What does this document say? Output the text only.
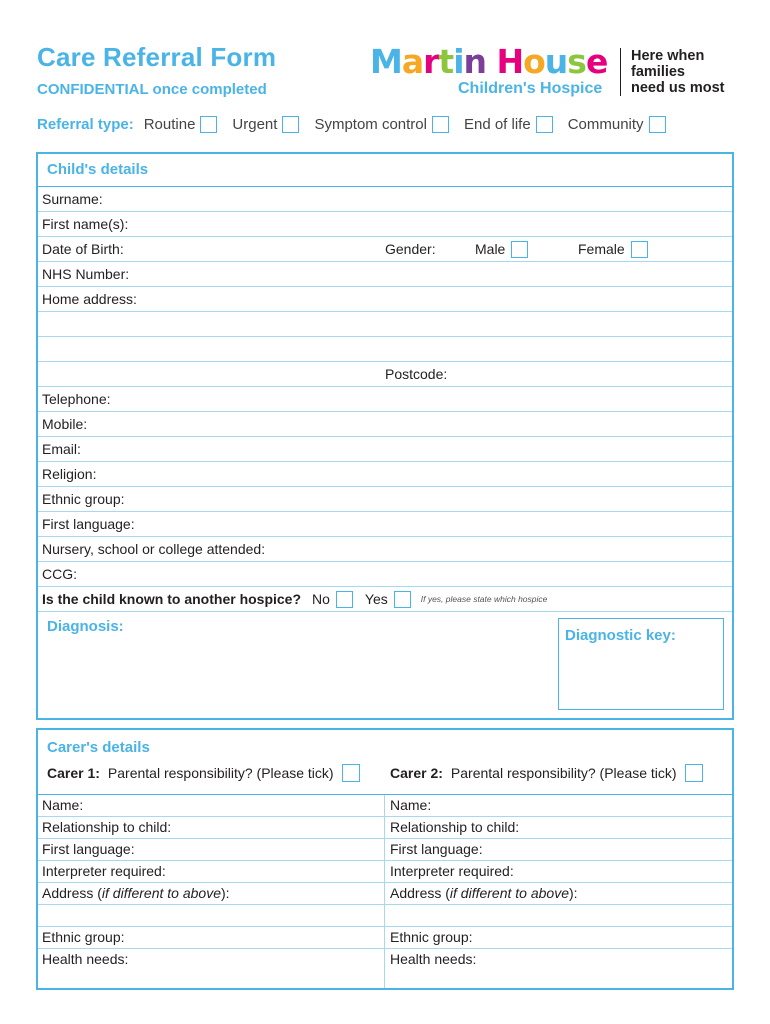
Care Referral Form
CONFIDENTIAL once completed
Martin House
Children's Hospice
Here when
families
need us most
Referral type: Routine Urgent Symptom control End of life Community
Child's details
Surname:
First name(s):
Date of Birth:	Gender:	Male	Female
NHS Number:
Home address:
Postcode:
Telephone:
Mobile:
Email:
Religion:
Ethnic group:
First language:
Nursery, school or college attended:
CCG:
Is the child known to another hospice? No	Yes	If yes, please state which hospice
Diagnosis:
Diagnostic key:
Carer's details
Carer 1: Parental responsibility? (Please tick)	Carer 2: Parental responsibility? (Please tick)
Name:	Name:
Relationship to child:	Relationship to child:
First language:	First language:
Interpreter required:	Interpreter required:
Address (if different to above):	Address (if different to above):
Ethnic group:	Ethnic group:
Health needs:	Health needs:
